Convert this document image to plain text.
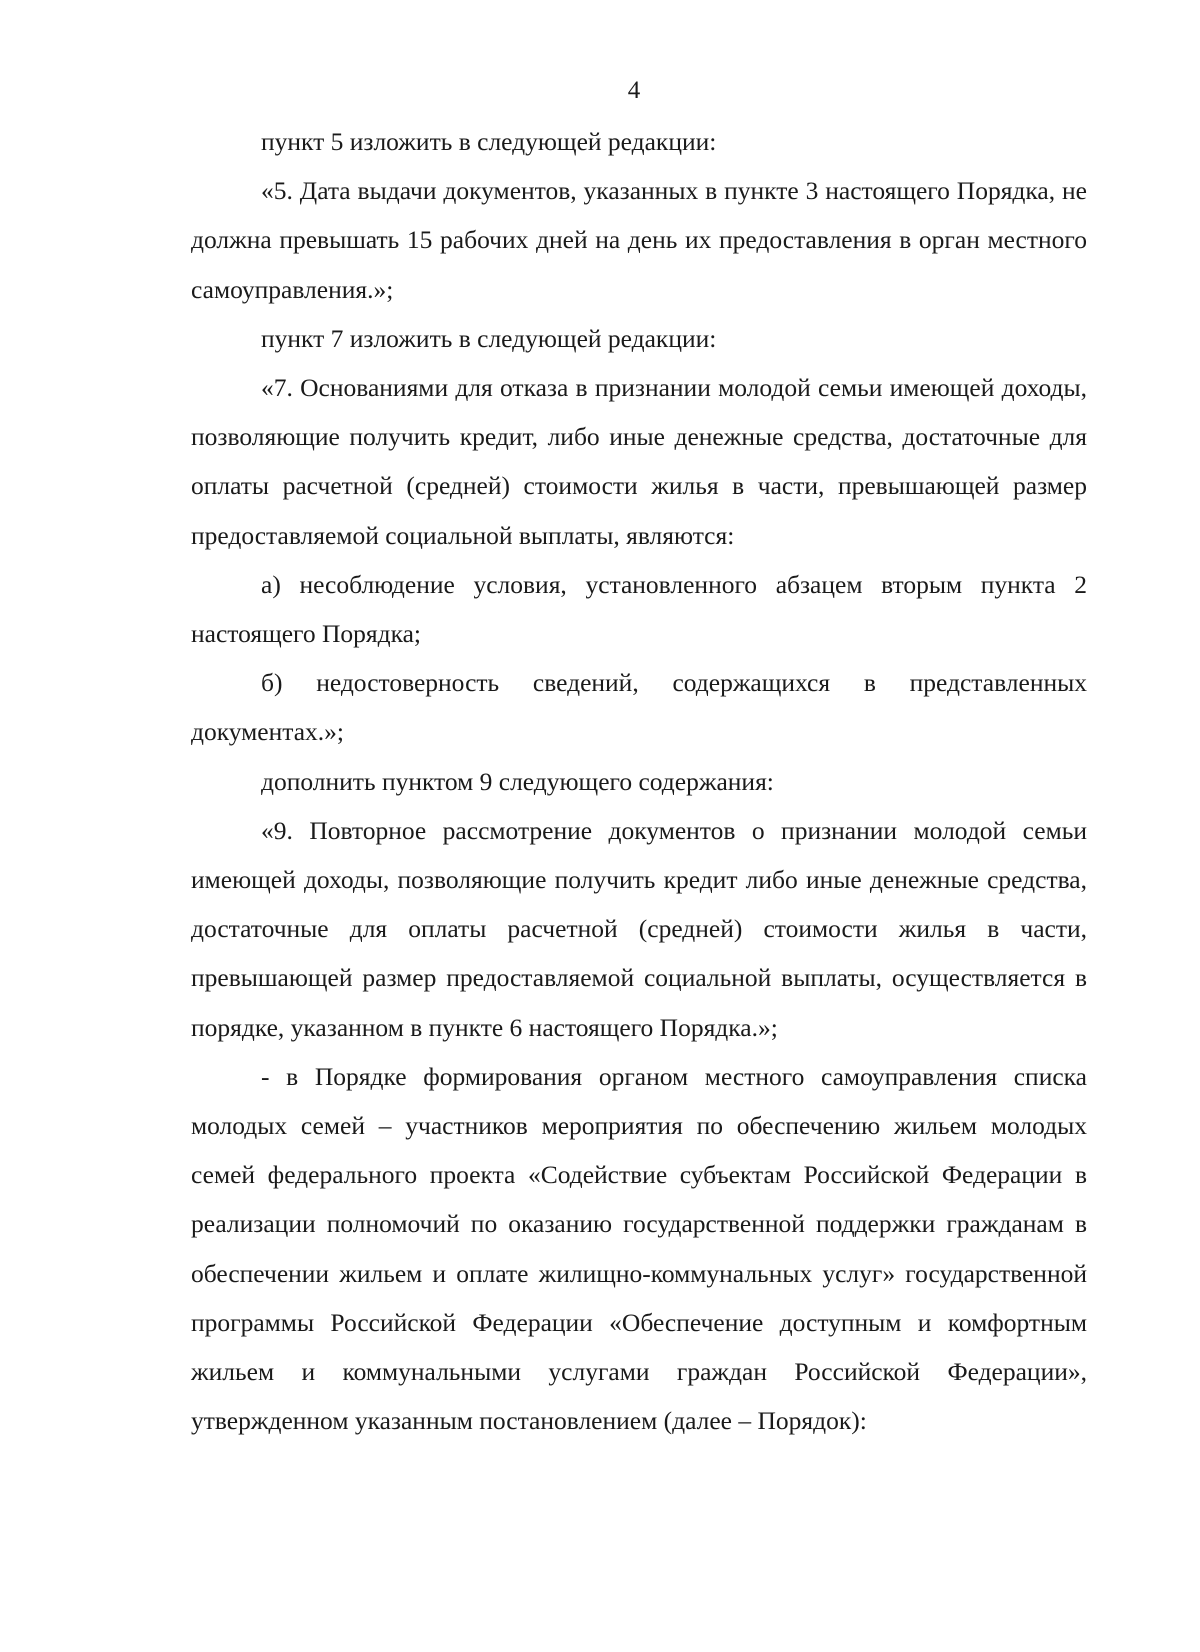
4

пункт 5 изложить в следующей редакции:

«5. Дата выдачи документов, указанных в пункте 3 настоящего Порядка, не должна превышать 15 рабочих дней на день их предоставления в орган местного самоуправления.»;

пункт 7 изложить в следующей редакции:

«7. Основаниями для отказа в признании молодой семьи имеющей доходы, позволяющие получить кредит, либо иные денежные средства, достаточные для оплаты расчетной (средней) стоимости жилья в части, превышающей размер предоставляемой социальной выплаты, являются:

а) несоблюдение условия, установленного абзацем вторым пункта 2 настоящего Порядка;

б) недостоверность сведений, содержащихся в представленных документах.»;

дополнить пунктом 9 следующего содержания:

«9. Повторное рассмотрение документов о признании молодой семьи имеющей доходы, позволяющие получить кредит либо иные денежные средства, достаточные для оплаты расчетной (средней) стоимости жилья в части, превышающей размер предоставляемой социальной выплаты, осуществляется в порядке, указанном в пункте 6 настоящего Порядка.»;

- в Порядке формирования органом местного самоуправления списка молодых семей – участников мероприятия по обеспечению жильем молодых семей федерального проекта «Содействие субъектам Российской Федерации в реализации полномочий по оказанию государственной поддержки гражданам в обеспечении жильем и оплате жилищно-коммунальных услуг» государственной программы Российской Федерации «Обеспечение доступным и комфортным жильем и коммунальными услугами граждан Российской Федерации», утвержденном указанным постановлением (далее – Порядок):
